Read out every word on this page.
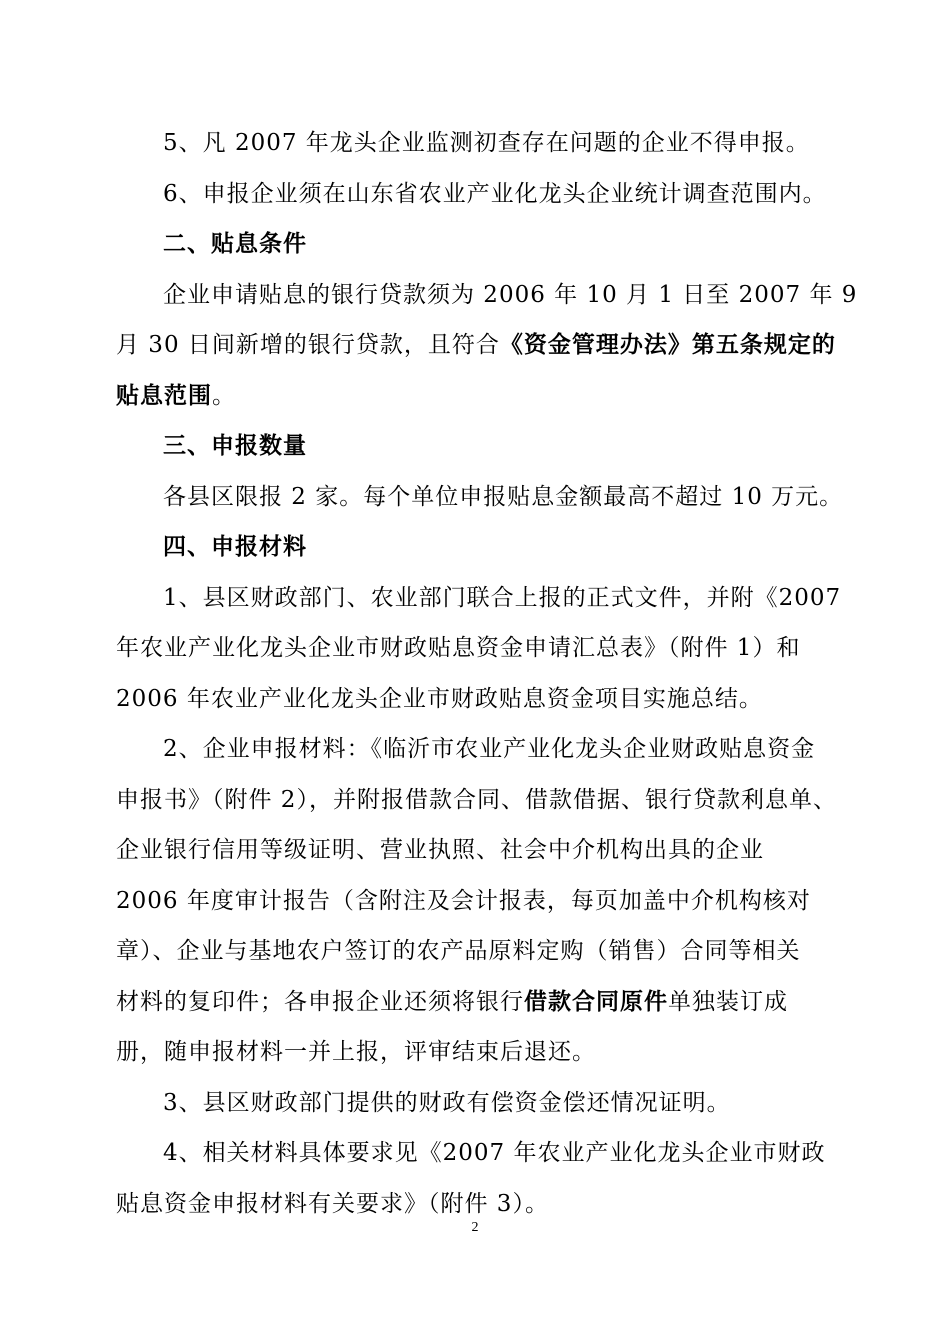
5、凡 2007 年龙头企业监测初查存在问题的企业不得申报。
6、申报企业须在山东省农业产业化龙头企业统计调查范围内。
二、贴息条件
企业申请贴息的银行贷款须为 2006 年 10 月 1 日至 2007 年 9
月 30 日间新增的银行贷款，且符合《资金管理办法》第五条规定的
贴息范围。
三、申报数量
各县区限报 2 家。每个单位申报贴息金额最高不超过 10 万元。
四、申报材料
1、县区财政部门、农业部门联合上报的正式文件，并附《2007
年农业产业化龙头企业市财政贴息资金申请汇总表》（附件 1）和
2006 年农业产业化龙头企业市财政贴息资金项目实施总结。
2、企业申报材料：《临沂市农业产业化龙头企业财政贴息资金
申报书》（附件 2），并附报借款合同、借款借据、银行贷款利息单、
企业银行信用等级证明、营业执照、社会中介机构出具的企业
2006 年度审计报告（含附注及会计报表，每页加盖中介机构核对
章）、企业与基地农户签订的农产品原料定购（销售）合同等相关
材料的复印件；各申报企业还须将银行借款合同原件单独装订成
册，随申报材料一并上报，评审结束后退还。
3、县区财政部门提供的财政有偿资金偿还情况证明。
4、相关材料具体要求见《2007 年农业产业化龙头企业市财政
贴息资金申报材料有关要求》（附件 3）。
2
